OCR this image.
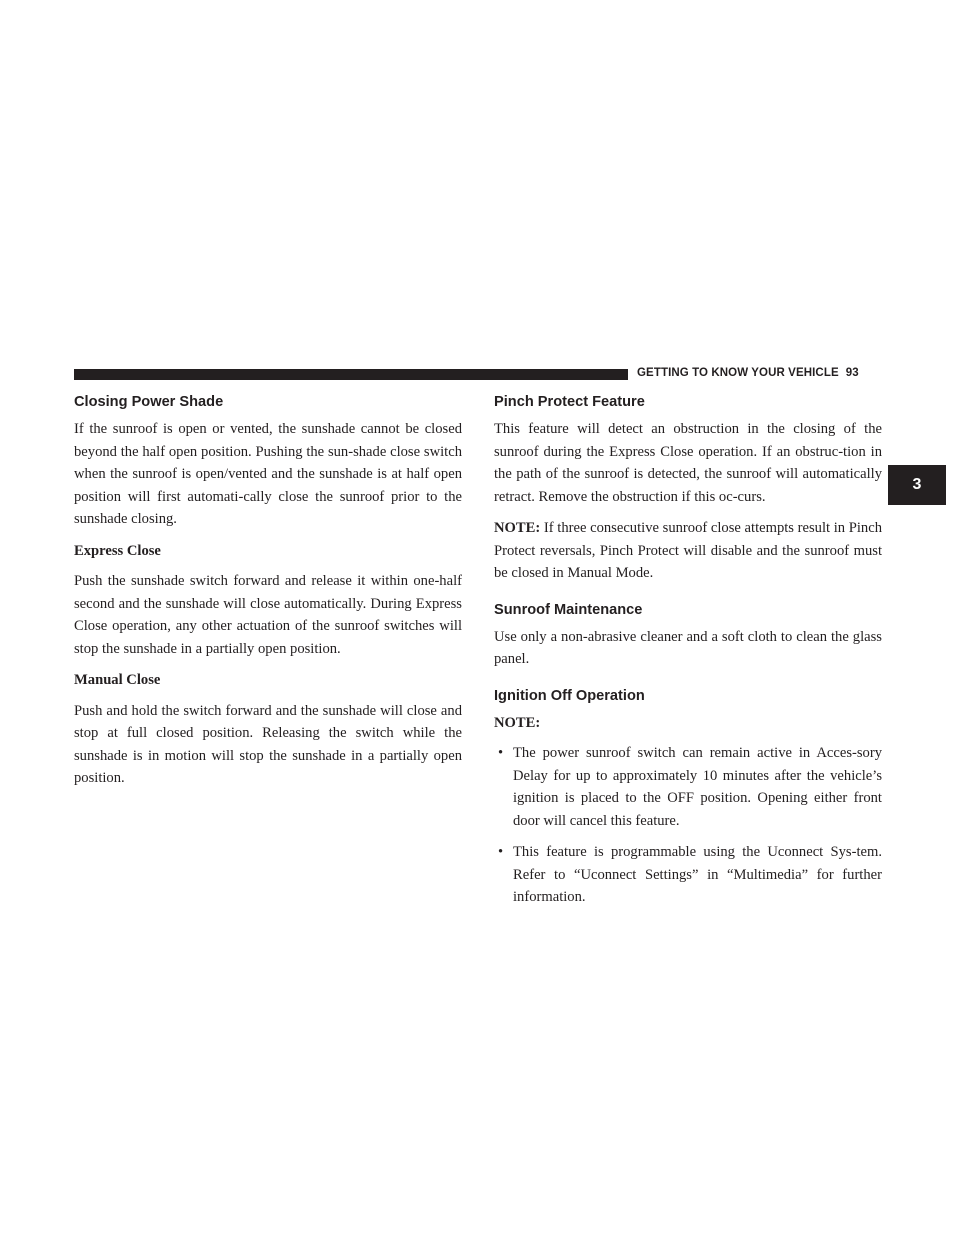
GETTING TO KNOW YOUR VEHICLE 93
3
Closing Power Shade

If the sunroof is open or vented, the sunshade cannot be closed beyond the half open position. Pushing the sun-shade close switch when the sunroof is open/vented and the sunshade is at half open position will first automati-cally close the sunroof prior to the sunshade closing.

Express Close

Push the sunshade switch forward and release it within one-half second and the sunshade will close automatically. During Express Close operation, any other actuation of the sunroof switches will stop the sunshade in a partially open position.

Manual Close

Push and hold the switch forward and the sunshade will close and stop at full closed position. Releasing the switch while the sunshade is in motion will stop the sunshade in a partially open position.

Pinch Protect Feature

This feature will detect an obstruction in the closing of the sunroof during the Express Close operation. If an obstruc-tion in the path of the sunroof is detected, the sunroof will automatically retract. Remove the obstruction if this oc-curs.

NOTE: If three consecutive sunroof close attempts result in Pinch Protect reversals, Pinch Protect will disable and the sunroof must be closed in Manual Mode.

Sunroof Maintenance

Use only a non-abrasive cleaner and a soft cloth to clean the glass panel.

Ignition Off Operation

NOTE:

• The power sunroof switch can remain active in Acces-sory Delay for up to approximately 10 minutes after the vehicle’s ignition is placed to the OFF position. Opening either front door will cancel this feature.
• This feature is programmable using the Uconnect Sys-tem. Refer to “Uconnect Settings” in “Multimedia” for further information.
